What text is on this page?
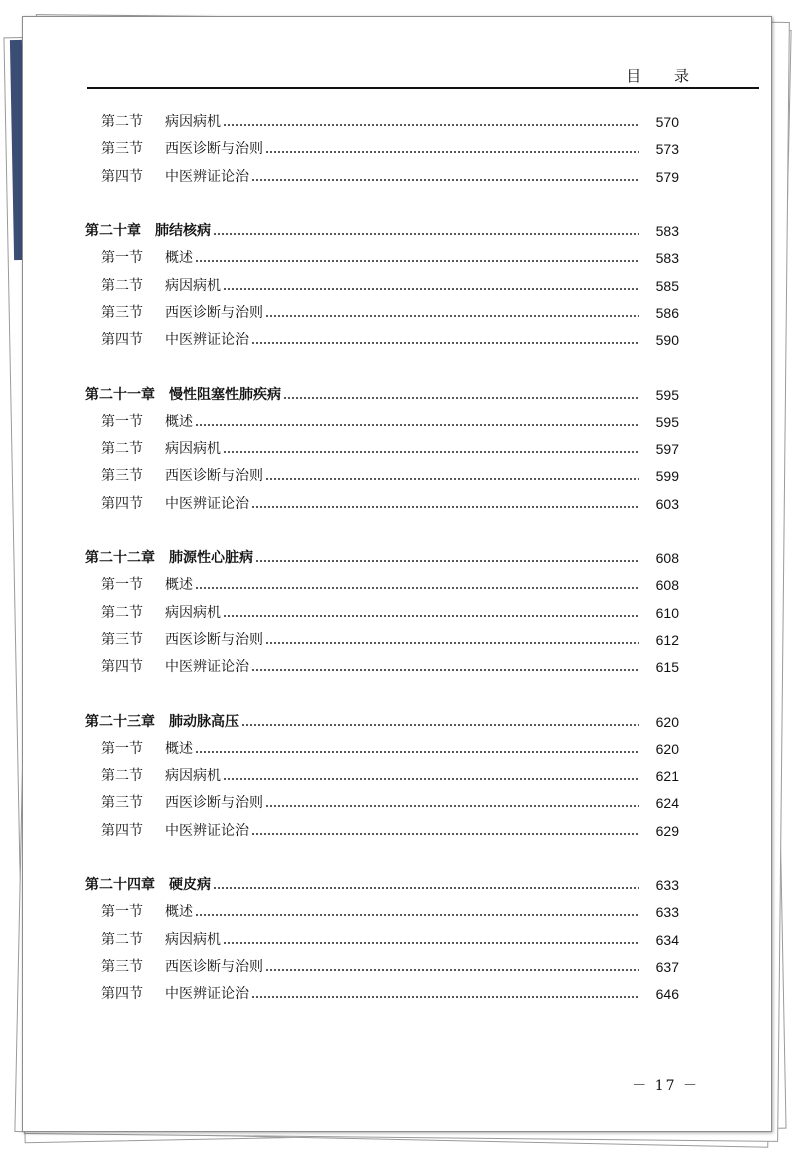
目 录
第二节	病因病机	570
第三节	西医诊断与治则	573
第四节	中医辨证论治	579
第二十章 肺结核病	583
第一节	概述	583
第二节	病因病机	585
第三节	西医诊断与治则	586
第四节	中医辨证论治	590
第二十一章 慢性阻塞性肺疾病	595
第一节	概述	595
第二节	病因病机	597
第三节	西医诊断与治则	599
第四节	中医辨证论治	603
第二十二章 肺源性心脏病	608
第一节	概述	608
第二节	病因病机	610
第三节	西医诊断与治则	612
第四节	中医辨证论治	615
第二十三章 肺动脉高压	620
第一节	概述	620
第二节	病因病机	621
第三节	西医诊断与治则	624
第四节	中医辨证论治	629
第二十四章 硬皮病	633
第一节	概述	633
第二节	病因病机	634
第三节	西医诊断与治则	637
第四节	中医辨证论治	646
－ 17 －
